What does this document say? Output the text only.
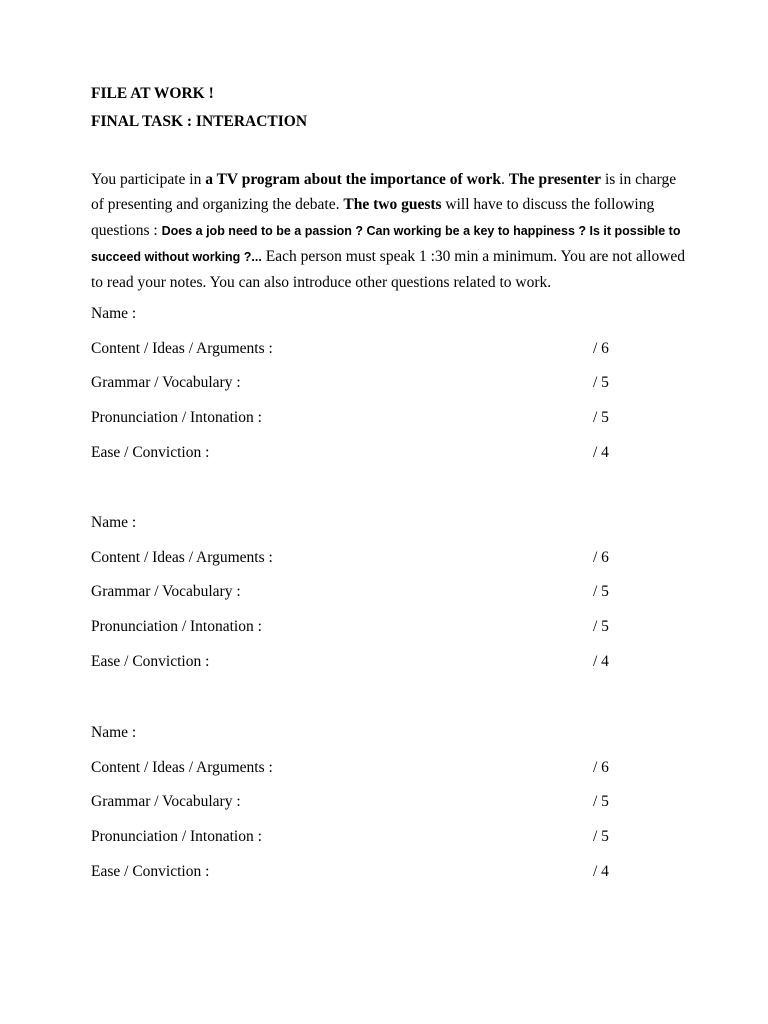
FILE AT WORK !
FINAL TASK : INTERACTION
You participate in a TV program about the importance of work. The presenter is in charge of presenting and organizing the debate. The two guests will have to discuss the following questions : Does a job need to be a passion ? Can working be a key to happiness ? Is it possible to succeed without working ?... Each person must speak 1 :30 min a minimum. You are not allowed to read your notes. You can also introduce other questions related to work.
Name :
Content / Ideas / Arguments :	/ 6
Grammar / Vocabulary :	/ 5
Pronunciation / Intonation :	/ 5
Ease / Conviction :	/ 4
Name :
Content / Ideas / Arguments :	/ 6
Grammar / Vocabulary :	/ 5
Pronunciation / Intonation :	/ 5
Ease / Conviction :	/ 4
Name :
Content / Ideas / Arguments :	/ 6
Grammar / Vocabulary :	/ 5
Pronunciation / Intonation :	/ 5
Ease / Conviction :	/ 4
